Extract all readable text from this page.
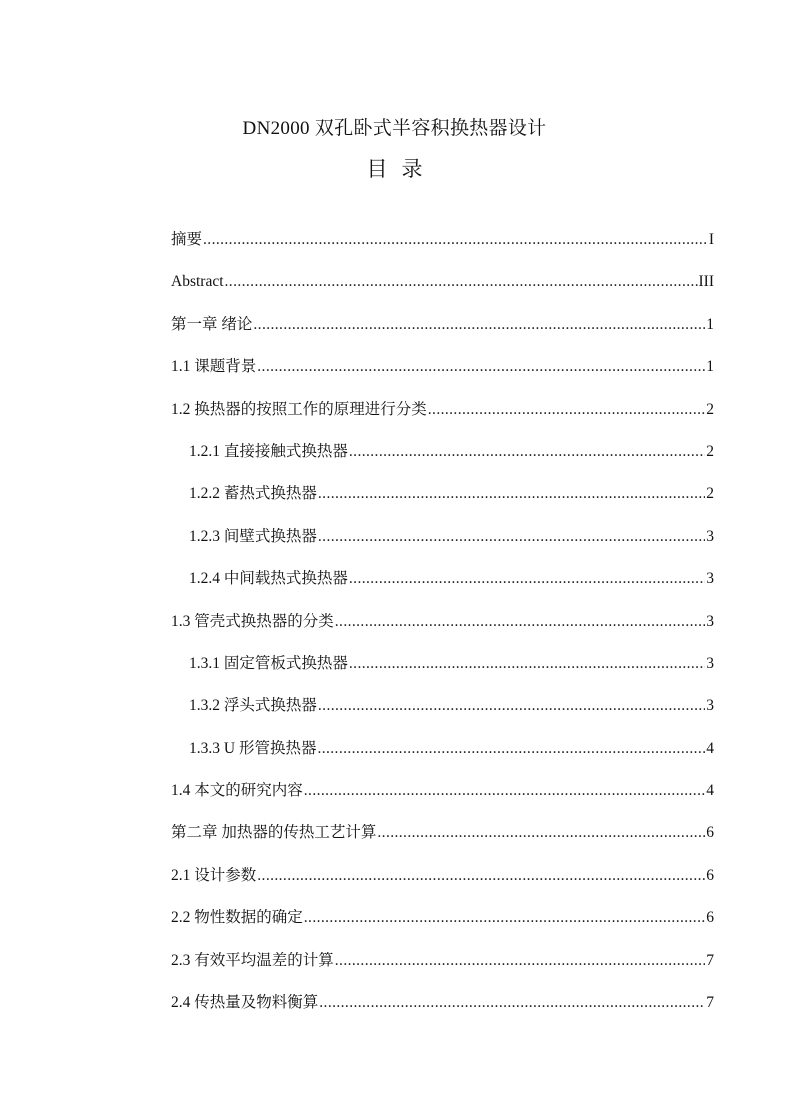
DN2000 双孔卧式半容积换热器设计
目 录
摘要 .....	I
Abstract .....	III
第一章 绪论 .....	1
1.1 课题背景 .....	1
1.2 换热器的按照工作的原理进行分类 .....	2
1.2.1 直接接触式换热器 .....	2
1.2.2 蓄热式换热器 .....	2
1.2.3 间壁式换热器 .....	3
1.2.4 中间载热式换热器 .....	3
1.3 管壳式换热器的分类 .....	3
1.3.1 固定管板式换热器 .....	3
1.3.2 浮头式换热器 .....	3
1.3.3 U 形管换热器 .....	4
1.4 本文的研究内容 .....	4
第二章 加热器的传热工艺计算 .....	6
2.1 设计参数 .....	6
2.2 物性数据的确定 .....	6
2.3 有效平均温差的计算 .....	7
2.4 传热量及物料衡算 .....	7
